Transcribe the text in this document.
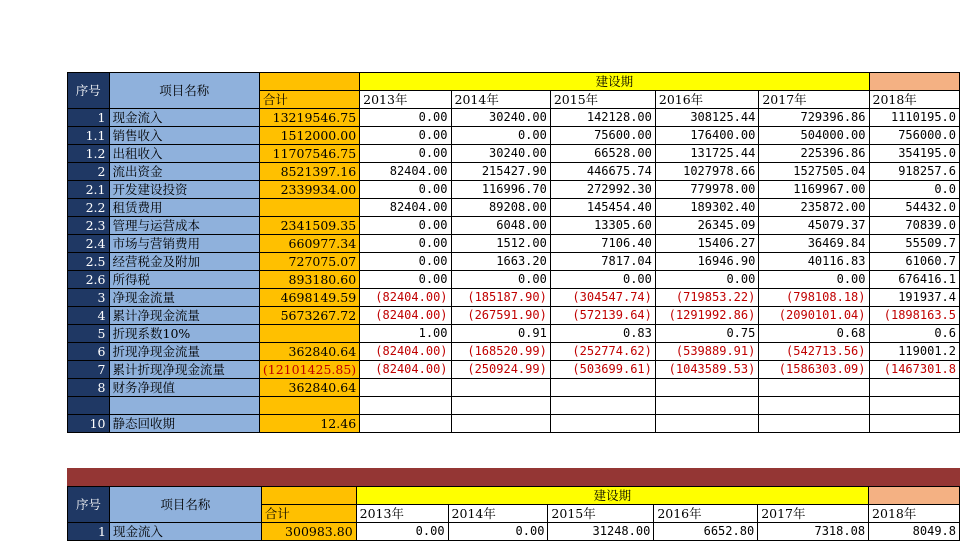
序号	项目名称		建设期					
		合计	2013年	2014年	2015年	2016年	2017年	2018年
1	现金流入	13219546.75	0.00	30240.00	142128.00	308125.44	729396.86	1110195.0
1.1	销售收入	1512000.00	0.00	0.00	75600.00	176400.00	504000.00	756000.0
1.2	出租收入	11707546.75	0.00	30240.00	66528.00	131725.44	225396.86	354195.0
2	流出资金	8521397.16	82404.00	215427.90	446675.74	1027978.66	1527505.04	918257.6
2.1	开发建设投资	2339934.00	0.00	116996.70	272992.30	779978.00	1169967.00	0.0
2.2	租赁费用		82404.00	89208.00	145454.40	189302.40	235872.00	54432.0
2.3	管理与运营成本	2341509.35	0.00	6048.00	13305.60	26345.09	45079.37	70839.0
2.4	市场与营销费用	660977.34	0.00	1512.00	7106.40	15406.27	36469.84	55509.7
2.5	经营税金及附加	727075.07	0.00	1663.20	7817.04	16946.90	40116.83	61060.7
2.6	所得税	893180.60	0.00	0.00	0.00	0.00	0.00	676416.1
3	净现金流量	4698149.59	(82404.00)	(185187.90)	(304547.74)	(719853.22)	(798108.18)	191937.4
4	累计净现金流量	5673267.72	(82404.00)	(267591.90)	(572139.64)	(1291992.86)	(2090101.04)	(1898163.5
5	折现系数10%		1.00	0.91	0.83	0.75	0.68	0.6
6	折现净现金流量	362840.64	(82404.00)	(168520.99)	(252774.62)	(539889.91)	(542713.56)	119001.2
7	累计折现净现金流量	(12101425.85)	(82404.00)	(250924.99)	(503699.61)	(1043589.53)	(1586303.09)	(1467301.8
8	财务净现值	362840.64						

10	静态回收期	12.46						
序号	项目名称		建设期					
		合计	2013年	2014年	2015年	2016年	2017年	2018年
1	现金流入	300983.80	0.00	0.00	31248.00	6652.80	7318.08	8049.8
